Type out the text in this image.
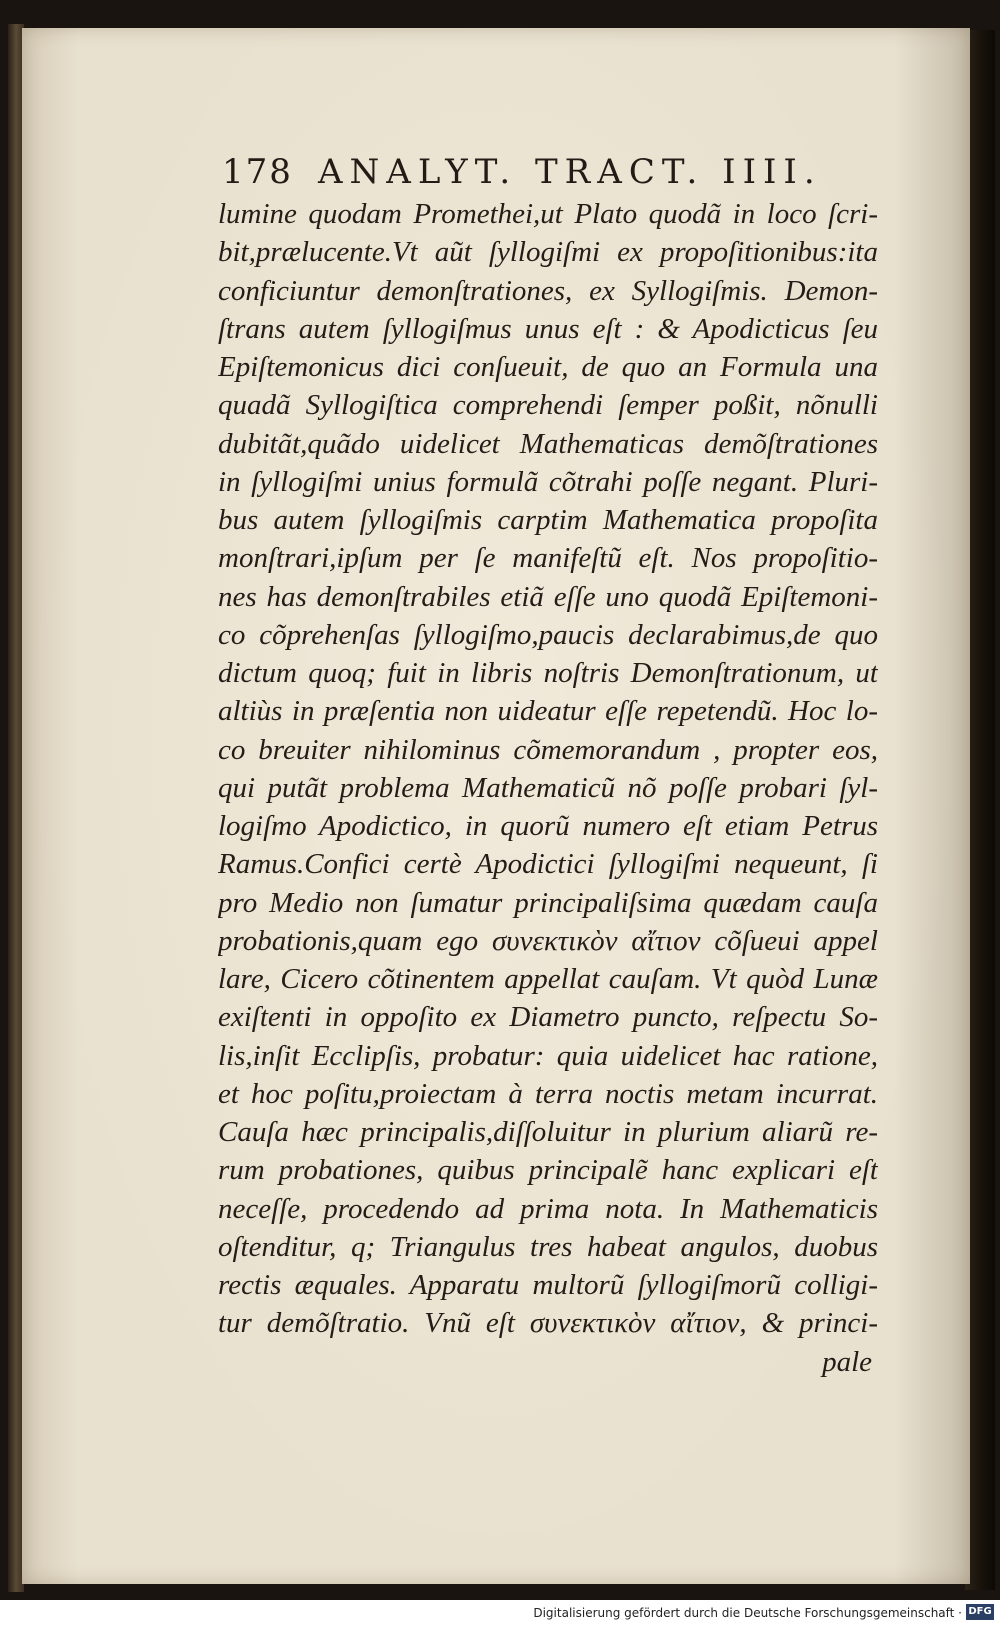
178 ANALYT. TRACT. IIII.
lumine quodam Promethei,ut Plato quodã in loco ſcri-
bit,prælucente.Vt aũt ſyllogiſmi ex propoſitionibus:ita
conficiuntur demonſtrationes, ex Syllogiſmis. Demon-
ſtrans autem ſyllogiſmus unus eſt : & Apodicticus ſeu
Epiſtemonicus dici conſueuit, de quo an Formula una
quadã Syllogiſtica comprehendi ſemper poßit, nõnulli
dubitãt,quãdo uidelicet Mathematicas demõſtrationes
in ſyllogiſmi unius formulã cõtrahi poſſe negant. Pluri-
bus autem ſyllogiſmis carptim Mathematica propoſita
monſtrari,ipſum per ſe manifeſtũ eſt. Nos propoſitio-
nes has demonſtrabiles etiã eſſe uno quodã Epiſtemoni-
co cõprehenſas ſyllogiſmo,paucis declarabimus,de quo
dictum quoq; fuit in libris noſtris Demonſtrationum, ut
altiùs in præſentia non uideatur eſſe repetendũ. Hoc lo-
co breuiter nihilominus cõmemorandum , propter eos,
qui putãt problema Mathematicũ nõ poſſe probari ſyl-
logiſmo Apodictico, in quorũ numero eſt etiam Petrus
Ramus.Confici certè Apodictici ſyllogiſmi nequeunt, ſi
pro Medio non ſumatur principaliſsima quædam cauſa
probationis,quam ego συνεκτικὸν αἴτιον cõſueui appel
lare, Cicero cõtinentem appellat cauſam. Vt quòd Lunæ
exiſtenti in oppoſito ex Diametro puncto, reſpectu So-
lis,inſit Ecclipſis, probatur: quia uidelicet hac ratione,
et hoc poſitu,proiectam à terra noctis metam incurrat.
Cauſa hæc principalis,diſſoluitur in plurium aliarũ re-
rum probationes, quibus principalẽ hanc explicari eſt
neceſſe, procedendo ad prima nota. In Mathematicis
oſtenditur, q; Triangulus tres habeat angulos, duobus
rectis æquales. Apparatu multorũ ſyllogiſmorũ colligi-
tur demõſtratio. Vnũ eſt συνεκτικὸν αἴτιον, & princi-
pale
Digitalisierung gefördert durch die Deutsche Forschungsgemeinschaft · DFG
